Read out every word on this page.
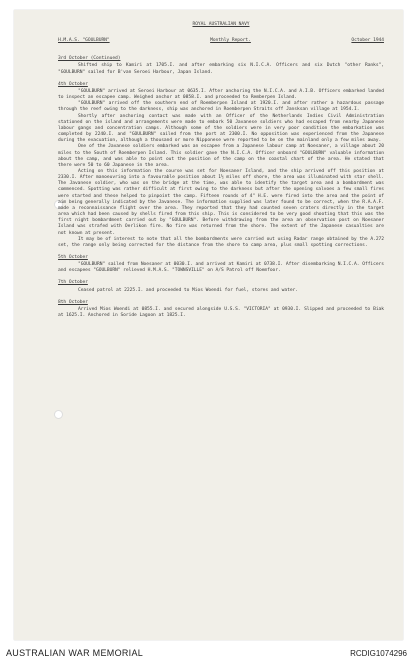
ROYAL AUSTRALIAN NAVY
H.M.A.S. "GOULBURN"	Monthly Report.	October 1944
3rd October (Continued)

Shifted ship to Kamiri at 1705.I. and after embarking six N.I.C.A. Officers and six Dutch "other Ranks", "GOULBURN" sailed for B'van Seroei Harbour, Japan Island.

4th October

"GOULBURN" arrived at Seroei Harbour at 0635.I. After anchoring the N.I.C.A. and A.I.B. Officers embarked landed to inspect an escapee camp. Weighed anchor at 0858.I. and proceeded to Remberpen Island.

"GOULBURN" arrived off the southern end of Roemberpen Island at 1920.I. and after rather a hazardous passage through the reef owing to the darkness, ship was anchored in Roemberpen Straits off Jansksan village at 1954.I.

Shortly after anchoring contact was made with an Officer of the Netherlands Indies Civil Administration stationed on the island and arrangements were made to embark 50 Javanese soldiers who had escaped from nearby Japanese labour gangs and concentration camps. Although some of the soldiers were in very poor condition the embarkation was completed by 2240.I. and "GOULBURN" sailed from the port at 2300.I. No opposition was experienced from the Japanese during the evacuation, although a thousand or more Nipponese were reported to be on the mainland only a few miles away.

One of the Javanese soldiers embarked was an escapee from a Japanese labour camp at Noesaner, a village about 20 miles to the South of Roemberpen Island. This soldier gave the N.I.C.A. Officer onboard "GOULBURN" valuable information about the camp, and was able to point out the position of the camp on the coastal chart of the area. He stated that there were 50 to 60 Japanese in the area.

Acting on this information the course was set for Noesaner Island, and the ship arrived off this position at 2330.I. After manoeuvring into a favourable position about 1½ miles off shore, the area was illuminated with star shell. The Javanese soldier, who was on the bridge at the time, was able to identify the target area and a bombardment was commenced. Spotting was rather difficult at first owing to the darkness but after the opening salvoes a few small fires were started and these helped to pinpoint the camp. Fifteen rounds of 4" H.E. were fired into the area and the point of aim being generally indicated by the Javanese. The information supplied was later found to be correct, when the R.A.A.F. made a reconnaissance flight over the area. They reported that they had counted seven craters directly in the target area which had been caused by shells fired from this ship. This is considered to be very good shooting that this was the first night bombardment carried out by "GOULBURN". Before withdrawing from the area an observation post on Noesaner Island was strafed with Oerlikon fire. No fire was returned from the shore. The extent of the Japanese casualties are not known at present.

It may be of interest to note that all the bombardments were carried out using Radar range obtained by the A.272 set, the range only being corrected for the distance from the shore to camp area, plus small spotting corrections.

5th October

"GOULBURN" sailed from Noesaner at 0030.I. and arrived at Kamiri at 0738.I. After disembarking N.I.C.A. Officers and escapees "GOULBURN" relieved H.M.A.S. "TOWNSVILLE" on A/S Patrol off Noemfoor.

7th October

Ceased patrol at 2225.I. and proceeded to Mios Woendi for fuel, stores and water.

8th October

Arrived Mios Woendi at 0855.I. and secured alongside U.S.S. "VICTORIA" at 0930.I. Slipped and proceeded to Biak at 1625.I. Anchored in Soride Lagoon at 1825.I.

AUSTRALIAN WAR MEMORIAL	RCDIG1074296
